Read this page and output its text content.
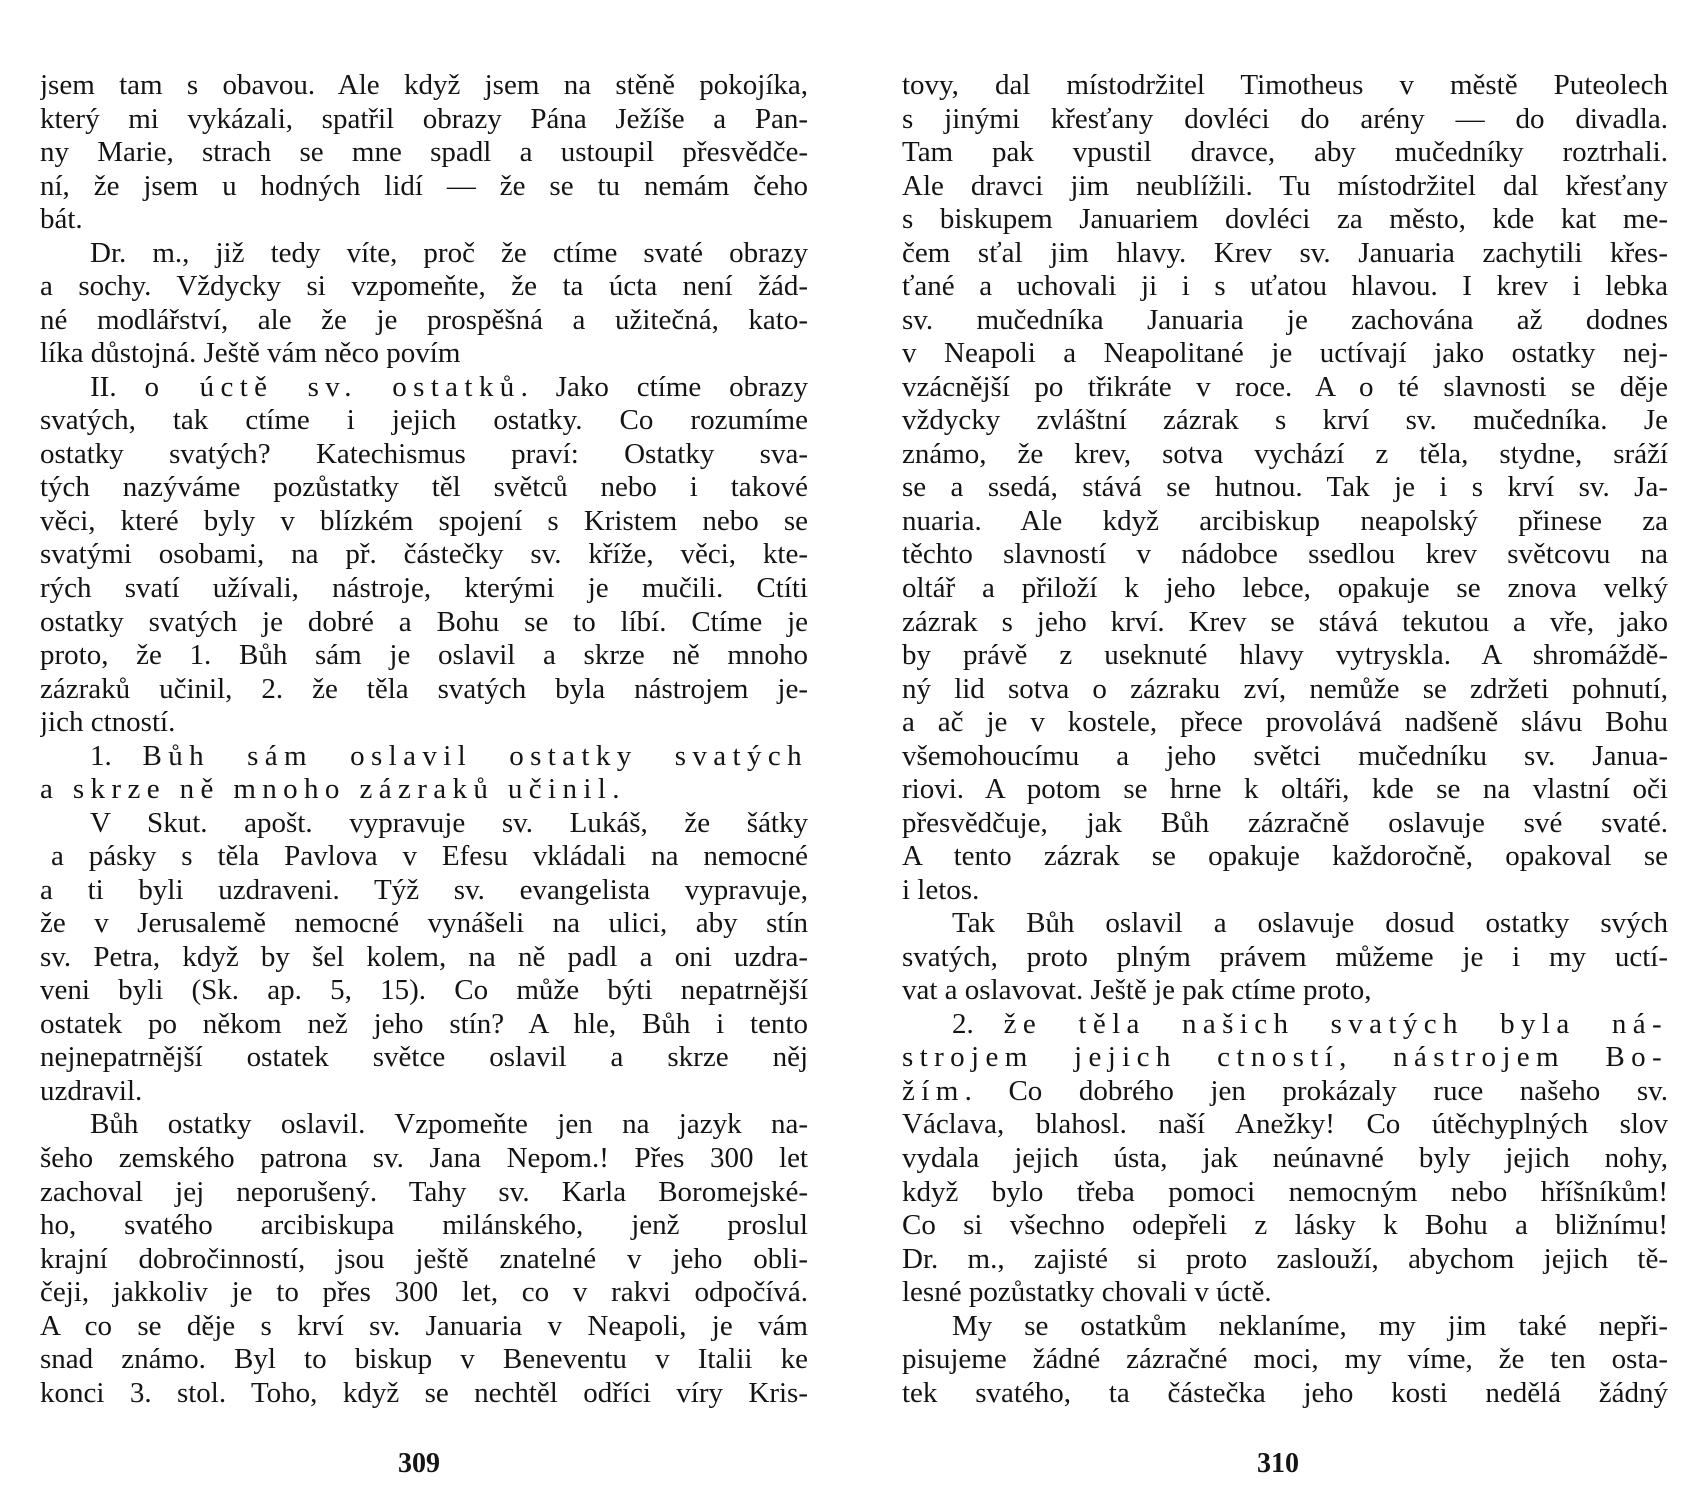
jsem tam s obavou. Ale když jsem na stěně pokojíka,
který mi vykázali, spatřil obrazy Pána Ježíše a Pan-
ny Marie, strach se mne spadl a ustoupil přesvědče-
ní, že jsem u hodných lidí — že se tu nemám čeho
bát.
Dr. m., již tedy víte, proč že ctíme svaté obrazy
a sochy. Vždycky si vzpomeňte, že ta úcta není žád-
né modlářství, ale že je prospěšná a užitečná, kato-
líka důstojná. Ještě vám něco povím
II. o úctě sv. ostatků. Jako ctíme obrazy
svatých, tak ctíme i jejich ostatky. Co rozumíme
ostatky svatých? Katechismus praví: Ostatky sva-
tých nazýváme pozůstatky těl světců nebo i takové
věci, které byly v blízkém spojení s Kristem nebo se
svatými osobami, na př. částečky sv. kříže, věci, kte-
rých svatí užívali, nástroje, kterými je mučili. Ctíti
ostatky svatých je dobré a Bohu se to líbí. Ctíme je
proto, že 1. Bůh sám je oslavil a skrze ně mnoho
zázraků učinil, 2. že těla svatých byla nástrojem je-
jich ctností.
1. Bůh sám oslavil ostatky svatých
a skrze ně mnoho zázraků učinil.
V Skut. apošt. vypravuje sv. Lukáš, že šátky
a pásky s těla Pavlova v Efesu vkládali na nemocné
a ti byli uzdraveni. Týž sv. evangelista vypravuje,
že v Jerusalemě nemocné vynášeli na ulici, aby stín
sv. Petra, když by šel kolem, na ně padl a oni uzdra-
veni byli (Sk. ap. 5, 15). Co může býti nepatrnější
ostatek po někom než jeho stín? A hle, Bůh i tento
nejnepatrnější ostatek světce oslavil a skrze něj
uzdravil.
Bůh ostatky oslavil. Vzpomeňte jen na jazyk na-
šeho zemského patrona sv. Jana Nepom.! Přes 300 let
zachoval jej neporušený. Tahy sv. Karla Boromejské-
ho, svatého arcibiskupa milánského, jenž proslul
krajní dobročinností, jsou ještě znatelné v jeho obli-
čeji, jakkoliv je to přes 300 let, co v rakvi odpočívá.
A co se děje s krví sv. Januaria v Neapoli, je vám
snad známo. Byl to biskup v Beneventu v Italii ke
konci 3. stol. Toho, když se nechtěl odříci víry Kris-
tovy, dal místodržitel Timotheus v městě Puteolech
s jinými křesťany dovléci do arény — do divadla.
Tam pak vpustil dravce, aby mučedníky roztrhali.
Ale dravci jim neublížili. Tu místodržitel dal křesťany
s biskupem Januariem dovléci za město, kde kat me-
čem sťal jim hlavy. Krev sv. Januaria zachytili křes-
ťané a uchovali ji i s uťatou hlavou. I krev i lebka
sv. mučedníka Januaria je zachována až dodnes
v Neapoli a Neapolitané je uctívají jako ostatky nej-
vzácnější po třikráte v roce. A o té slavnosti se děje
vždycky zvláštní zázrak s krví sv. mučedníka. Je
známo, že krev, sotva vychází z těla, stydne, sráží
se a ssedá, stává se hutnou. Tak je i s krví sv. Ja-
nuaria. Ale když arcibiskup neapolský přinese za
těchto slavností v nádobce ssedlou krev světcovu na
oltář a přiloží k jeho lebce, opakuje se znova velký
zázrak s jeho krví. Krev se stává tekutou a vře, jako
by právě z useknuté hlavy vytryskla. A shromáždě-
ný lid sotva o zázraku zví, nemůže se zdržeti pohnutí,
a ač je v kostele, přece provolává nadšeně slávu Bohu
všemohoucímu a jeho světci mučedníku sv. Janua-
riovi. A potom se hrne k oltáři, kde se na vlastní oči
přesvědčuje, jak Bůh zázračně oslavuje své svaté.
A tento zázrak se opakuje každoročně, opakoval se
i letos.
Tak Bůh oslavil a oslavuje dosud ostatky svých
svatých, proto plným právem můžeme je i my uctí-
vat a oslavovat. Ještě je pak ctíme proto,
2. že těla našich svatých byla ná-
strojem jejich ctností, nástrojem Bo-
žím. Co dobrého jen prokázaly ruce našeho sv.
Václava, blahosl. naší Anežky! Co útěchyplných slov
vydala jejich ústa, jak neúnavné byly jejich nohy,
když bylo třeba pomoci nemocným nebo hříšníkům!
Co si všechno odepřeli z lásky k Bohu a bližnímu!
Dr. m., zajisté si proto zaslouží, abychom jejich tě-
lesné pozůstatky chovali v úctě.
My se ostatkům neklaníme, my jim také nepři-
pisujeme žádné zázračné moci, my víme, že ten osta-
tek svatého, ta částečka jeho kosti nedělá žádný
309	310
